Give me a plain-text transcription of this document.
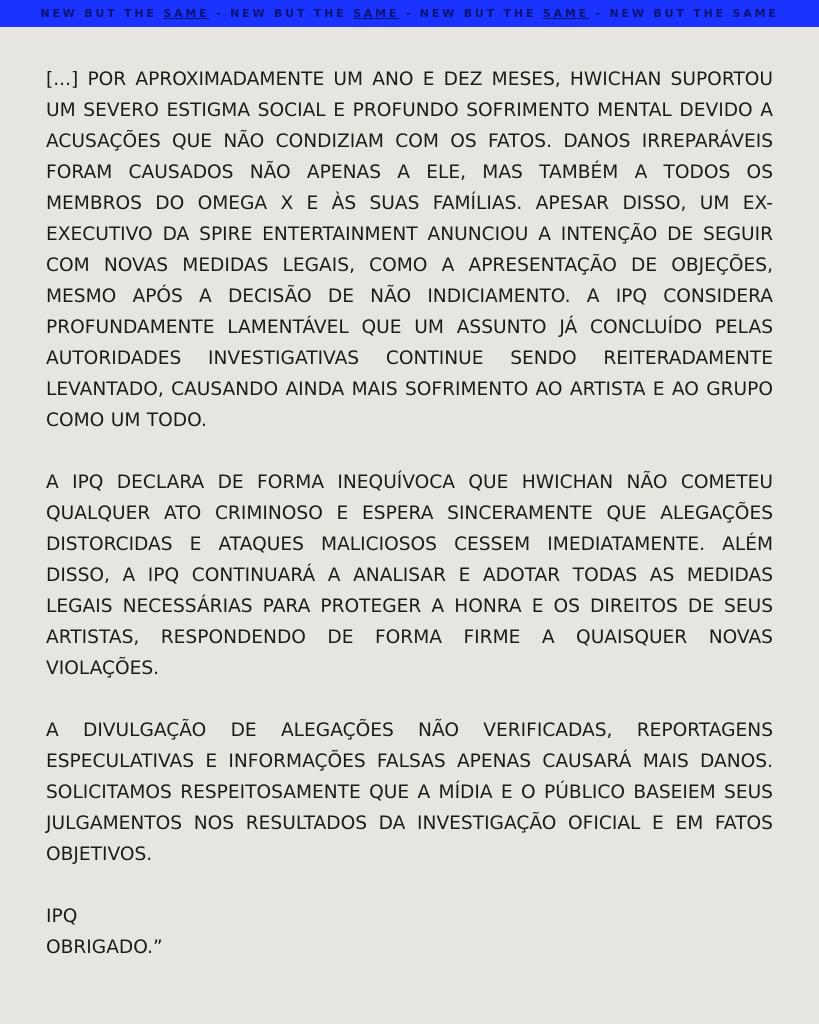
NEW BUT THE SAME - NEW BUT THE SAME - NEW BUT THE SAME - NEW BUT THE SAME

[...] POR APROXIMADAMENTE UM ANO E DEZ MESES, HWICHAN SUPORTOU UM SEVERO ESTIGMA SOCIAL E PROFUNDO SOFRIMENTO MENTAL DEVIDO A ACUSAÇÕES QUE NÃO CONDIZIAM COM OS FATOS. DANOS IRREPARÁVEIS FORAM CAUSADOS NÃO APENAS A ELE, MAS TAMBÉM A TODOS OS MEMBROS DO OMEGA X E ÀS SUAS FAMÍLIAS. APESAR DISSO, UM EX-EXECUTIVO DA SPIRE ENTERTAINMENT ANUNCIOU A INTENÇÃO DE SEGUIR COM NOVAS MEDIDAS LEGAIS, COMO A APRESENTAÇÃO DE OBJEÇÕES, MESMO APÓS A DECISÃO DE NÃO INDICIAMENTO. A IPQ CONSIDERA PROFUNDAMENTE LAMENTÁVEL QUE UM ASSUNTO JÁ CONCLUÍDO PELAS AUTORIDADES INVESTIGATIVAS CONTINUE SENDO REITERADAMENTE LEVANTADO, CAUSANDO AINDA MAIS SOFRIMENTO AO ARTISTA E AO GRUPO COMO UM TODO.

A IPQ DECLARA DE FORMA INEQUÍVOCA QUE HWICHAN NÃO COMETEU QUALQUER ATO CRIMINOSO E ESPERA SINCERAMENTE QUE ALEGAÇÕES DISTORCIDAS E ATAQUES MALICIOSOS CESSEM IMEDIATAMENTE. ALÉM DISSO, A IPQ CONTINUARÁ A ANALISAR E ADOTAR TODAS AS MEDIDAS LEGAIS NECESSÁRIAS PARA PROTEGER A HONRA E OS DIREITOS DE SEUS ARTISTAS, RESPONDENDO DE FORMA FIRME A QUAISQUER NOVAS VIOLAÇÕES.

A DIVULGAÇÃO DE ALEGAÇÕES NÃO VERIFICADAS, REPORTAGENS ESPECULATIVAS E INFORMAÇÕES FALSAS APENAS CAUSARÁ MAIS DANOS. SOLICITAMOS RESPEITOSAMENTE QUE A MÍDIA E O PÚBLICO BASEIEM SEUS JULGAMENTOS NOS RESULTADOS DA INVESTIGAÇÃO OFICIAL E EM FATOS OBJETIVOS.

IPQ
OBRIGADO.”
